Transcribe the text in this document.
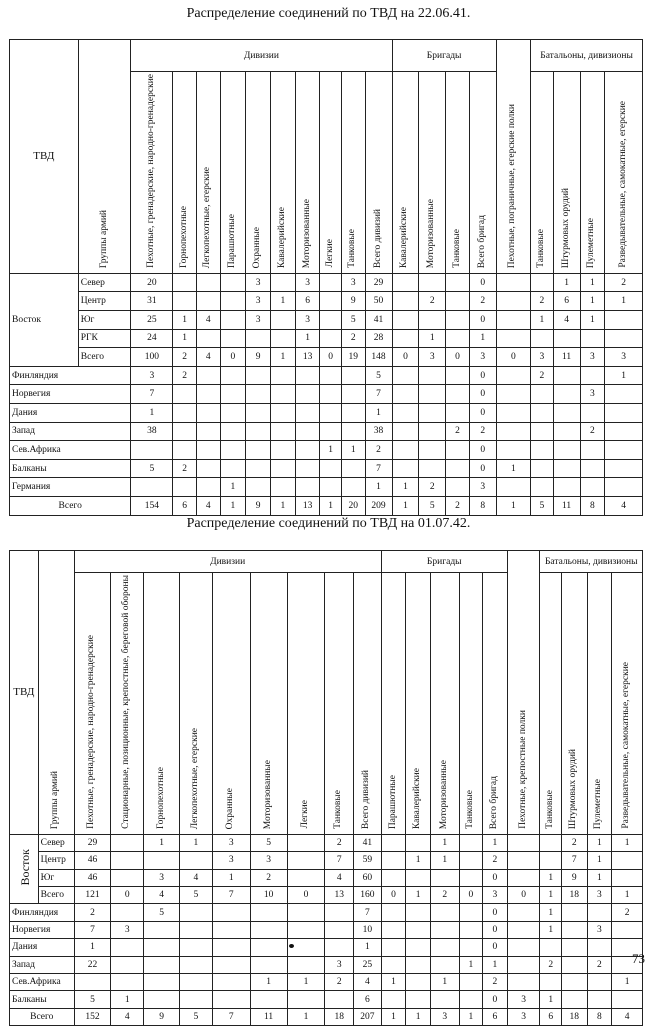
Распределение соединений по ТВД на 22.06.41.
ТВД	Группы армий	Дивизии										Бригады				Пехотные, пограничные, егерские полки	Батальоны, дивизионы			
		Пехотные, гренадерские, народно-гренадерские	Горнопехотные	Легкопехотные, егерские	Парашютные	Охранные	Кавалерийские	Моторизованные	Легкие	Танковые	Всего дивизий	Кавалерийские	Моторизованные	Танковые	Всего бригад		Танковые	Штурмовых орудий	Пулеметные	Разведывательные, самокатные, егерские
Восток	Север	20				3		3		3	29				0			1	1	2
	Центр	31				3	1	6		9	50		2		2		2	6	1	1
	Юг	25	1	4		3		3		5	41				0		1	4	1	
	РГК	24	1					1		2	28		1		1					
	Всего	100	2	4	0	9	1	13	0	19	148	0	3	0	3	0	3	11	3	3
Финляндия		3	2								5				0		2			1
Норвегия		7									7				0				3	
Дания		1									1				0					
Запад		38									38			2	2				2	
Сев.Африка									1	1	2				0					
Балканы		5	2								7				0	1				
Германия					1						1	1	2		3					
Всего		154	6	4	1	9	1	13	1	20	209	1	5	2	8	1	5	11	8	4
Распределение соединений по ТВД на 01.07.42.
ТВД	Группы армий	Дивизии									Бригады					Пехотные, крепостные полки	Батальоны, дивизионы			
		Пехотные, гренадерские, народно-гренадерские	Стационарные, позиционные, крепостные, береговой обороны	Горнопехотные	Легкопехотные, егерские	Охранные	Моторизованные	Легкие	Танковые	Всего дивизий	Парашютные	Кавалерийские	Моторизованные	Танковые	Всего бригад		Танковые	Штурмовых орудий	Пулеметные	Разведывательные, самокатные, егерские
Восток	Север	29		1	1	3	5		2	41			1		1			2	1	1
	Центр	46				3	3		7	59		1	1		2			7	1	
	Юг	46		3	4	1	2		4	60					0		1	9	1	
	Всего	121	0	4	5	7	10	0	13	160	0	1	2	0	3	0	1	18	3	1
Финляндия		2		5						7					0		1			2
Норвегия		7	3							10					0		1		3	
Дания		1								1					0					
Запад		22							3	25				1	1		2		2	
Сев.Африка							1	1	2	4	1		1		2					1
Балканы		5	1							6					0	3	1			
Всего		152	4	9	5	7	11	1	18	207	1	1	3	1	6	3	6	18	8	4
73
